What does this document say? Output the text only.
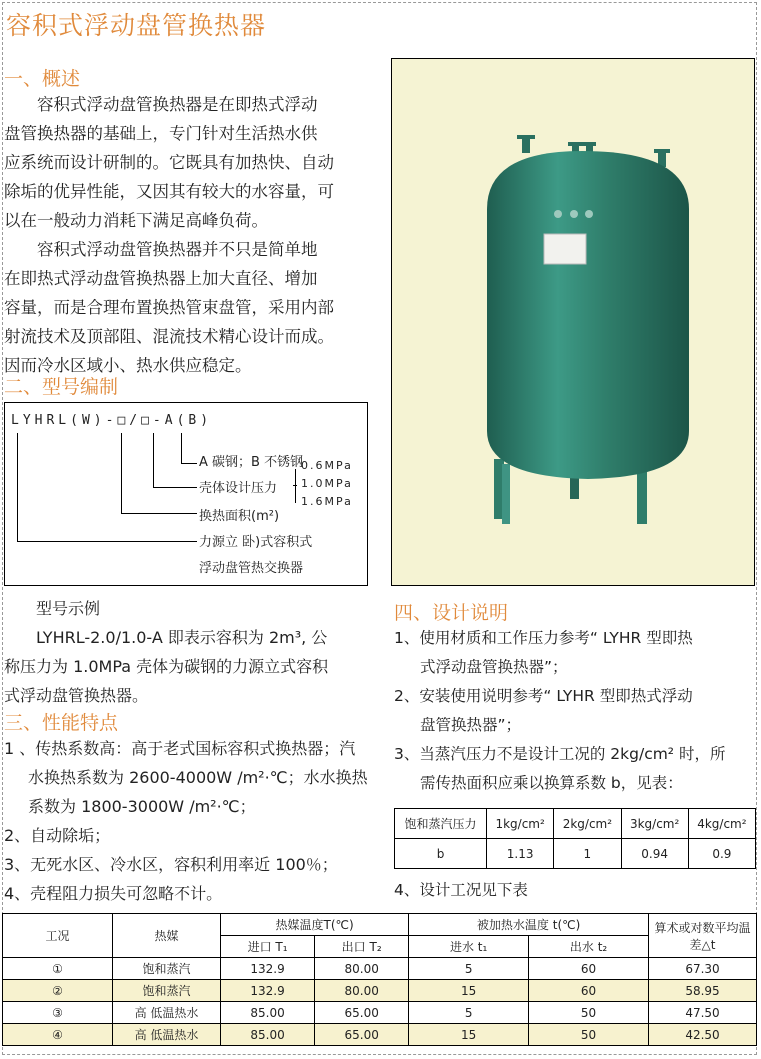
容积式浮动盘管换热器
一、概述
容积式浮动盘管换热器是在即热式浮动
盘管换热器的基础上，专门针对生活热水供
应系统而设计研制的。它既具有加热快、自动
除垢的优异性能，又因其有较大的水容量，可
以在一般动力消耗下满足高峰负荷。
容积式浮动盘管换热器并不只是简单地
在即热式浮动盘管换热器上加大直径、增加
容量，而是合理布置换热管束盘管，采用内部
射流技术及顶部阻、混流技术精心设计而成。
因而冷水区域小、热水供应稳定。
二、型号编制
LYHRL(W)-□/□-A(B)
A 碳钢；B 不锈钢
壳体设计压力
0.6MPa
1.0MPa
1.6MPa
换热面积(m²)
力源立 卧)式容积式
浮动盘管热交换器
型号示例
LYHRL-2.0/1.0-A 即表示容积为 2m³, 公
称压力为 1.0MPa 壳体为碳钢的力源立式容积
式浮动盘管换热器。
三、性能特点
1 、传热系数高：高于老式国标容积式换热器；汽
水换热系数为 2600-4000W /m²·℃；水水换热
系数为 1800-3000W /m²·℃；
2、自动除垢；
3、无死水区、冷水区，容积利用率近 100％；
4、壳程阻力损失可忽略不计。
四、设计说明
1、使用材质和工作压力参考“ LYHR 型即热
式浮动盘管换热器”；
2、安装使用说明参考“ LYHR 型即热式浮动
盘管换热器”；
3、当蒸汽压力不是设计工况的 2kg/cm² 时，所
需传热面积应乘以换算系数 b，见表：
饱和蒸汽压力	1kg/cm²	2kg/cm²	3kg/cm²	4kg/cm²
b	1.13	1	0.94	0.9
4、设计工况见下表
工况	热媒	热媒温度T(℃)		被加热水温度 t(℃)		算术或对数平均温差△t
		进口 T₁	出口 T₂	进水 t₁	出水 t₂	
①	饱和蒸汽	132.9	80.00	5	60	67.30
②	饱和蒸汽	132.9	80.00	15	60	58.95
③	高 低温热水	85.00	65.00	5	50	47.50
④	高 低温热水	85.00	65.00	15	50	42.50
